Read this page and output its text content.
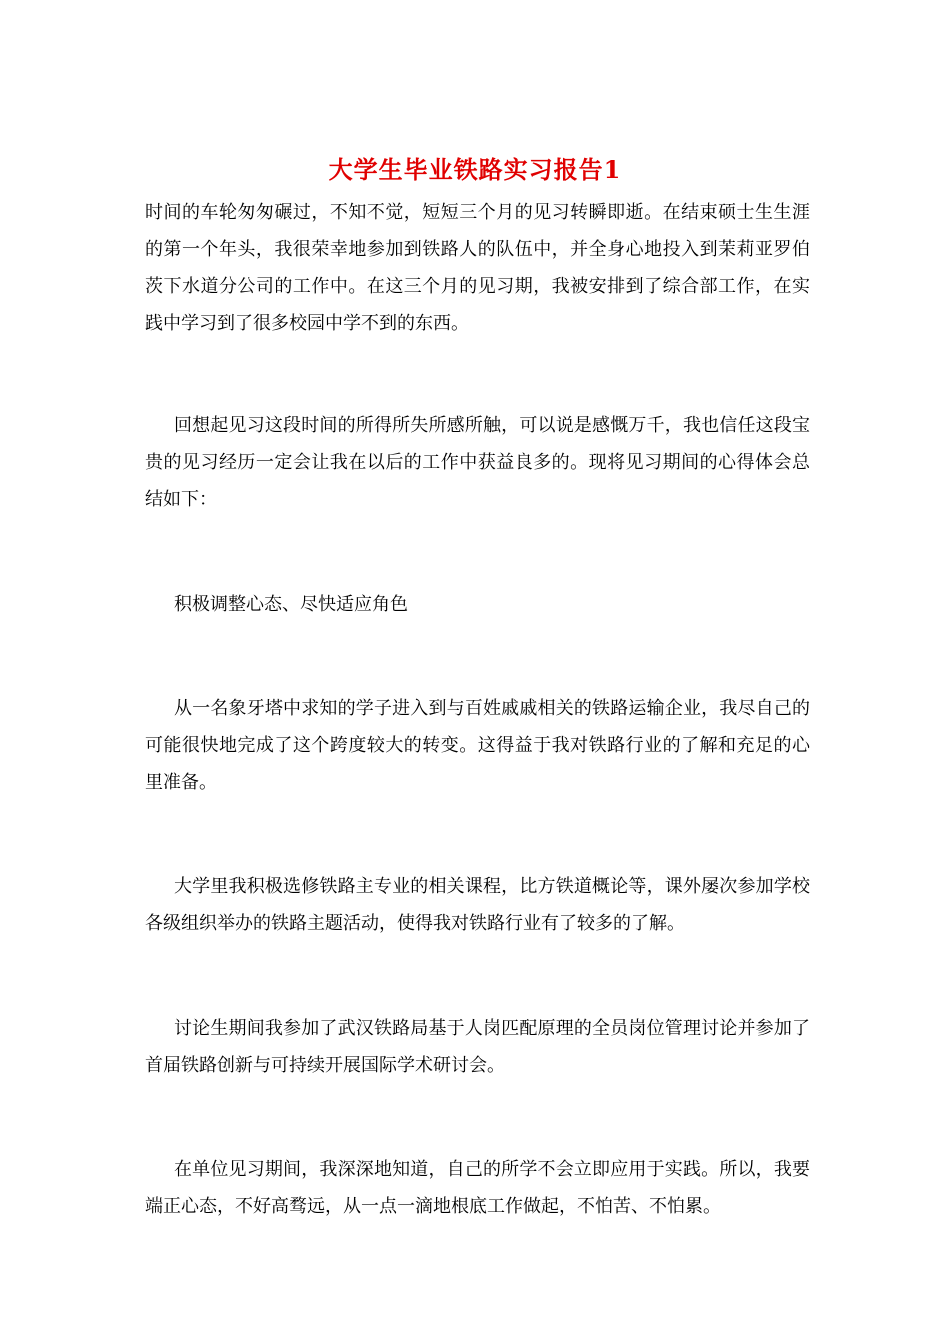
大学生毕业铁路实习报告1

时间的车轮匆匆碾过，不知不觉，短短三个月的见习转瞬即逝。在结束硕士生生涯的第一个年头，我很荣幸地参加到铁路人的队伍中，并全身心地投入到茉莉亚罗伯茨下水道分公司的工作中。在这三个月的见习期，我被安排到了综合部工作，在实践中学习到了很多校园中学不到的东西。

回想起见习这段时间的所得所失所感所触，可以说是感慨万千，我也信任这段宝贵的见习经历一定会让我在以后的工作中获益良多的。现将见习期间的心得体会总结如下：

积极调整心态、尽快适应角色

从一名象牙塔中求知的学子进入到与百姓戚戚相关的铁路运输企业，我尽自己的可能很快地完成了这个跨度较大的转变。这得益于我对铁路行业的了解和充足的心里准备。

大学里我积极选修铁路主专业的相关课程，比方铁道概论等，课外屡次参加学校各级组织举办的铁路主题活动，使得我对铁路行业有了较多的了解。

讨论生期间我参加了武汉铁路局基于人岗匹配原理的全员岗位管理讨论并参加了首届铁路创新与可持续开展国际学术研讨会。

在单位见习期间，我深深地知道，自己的所学不会立即应用于实践。所以，我要端正心态，不好高骛远，从一点一滴地根底工作做起，不怕苦、不怕累。
